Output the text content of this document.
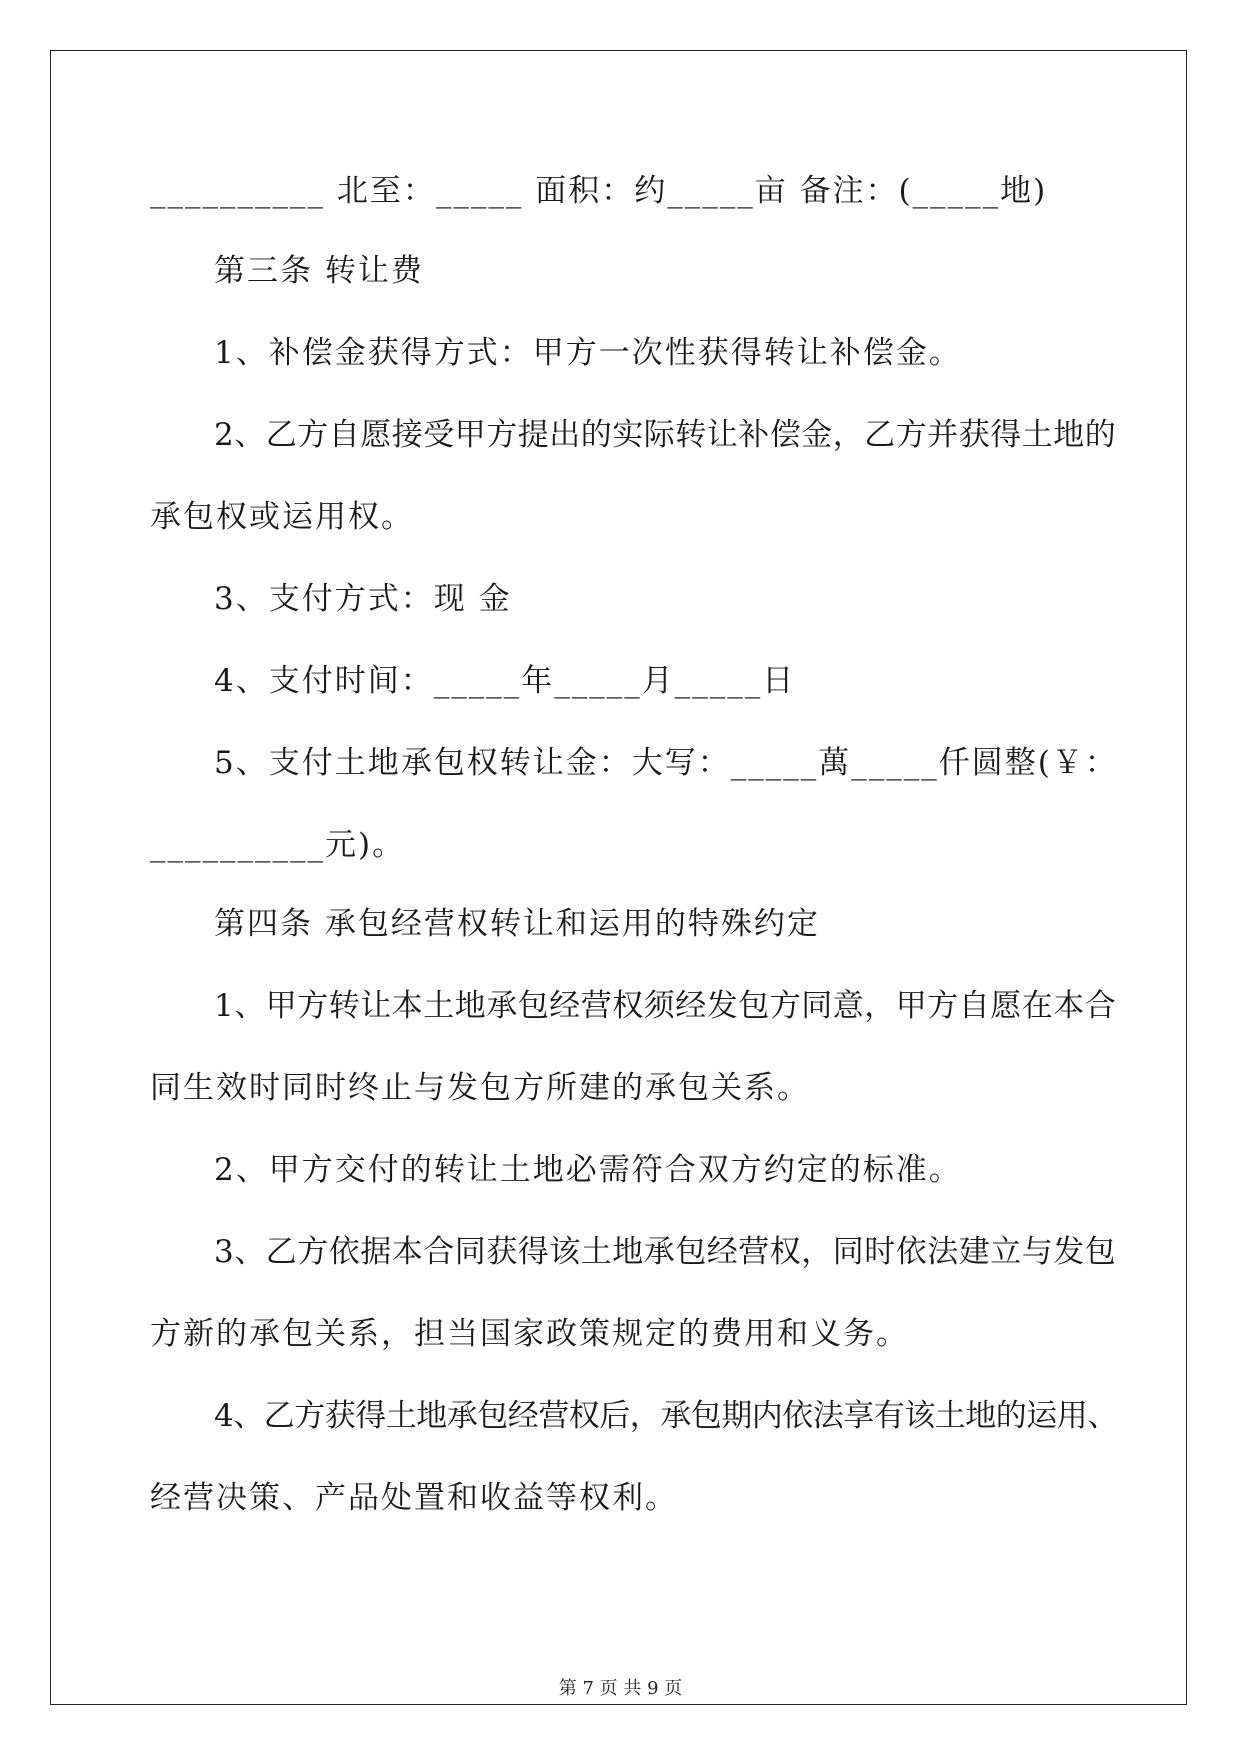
__________ 北至：_____ 面积：约_____亩 备注：(_____地)
第三条 转让费
1、补偿金获得方式：甲方一次性获得转让补偿金。
2、乙方自愿接受甲方提出的实际转让补偿金，乙方并获得土地的
承包权或运用权。
3、支付方式：现 金
4、支付时间：_____年_____月_____日
5、支付土地承包权转让金：大写：_____萬_____仟圆整(￥：
__________元)。
第四条 承包经营权转让和运用的特殊约定
1、甲方转让本土地承包经营权须经发包方同意，甲方自愿在本合
同生效时同时终止与发包方所建的承包关系。
2、甲方交付的转让土地必需符合双方约定的标准。
3、乙方依据本合同获得该土地承包经营权，同时依法建立与发包
方新的承包关系，担当国家政策规定的费用和义务。
4、乙方获得土地承包经营权后，承包期内依法享有该土地的运用、
经营决策、产品处置和收益等权利。
第 7 页 共 9 页
